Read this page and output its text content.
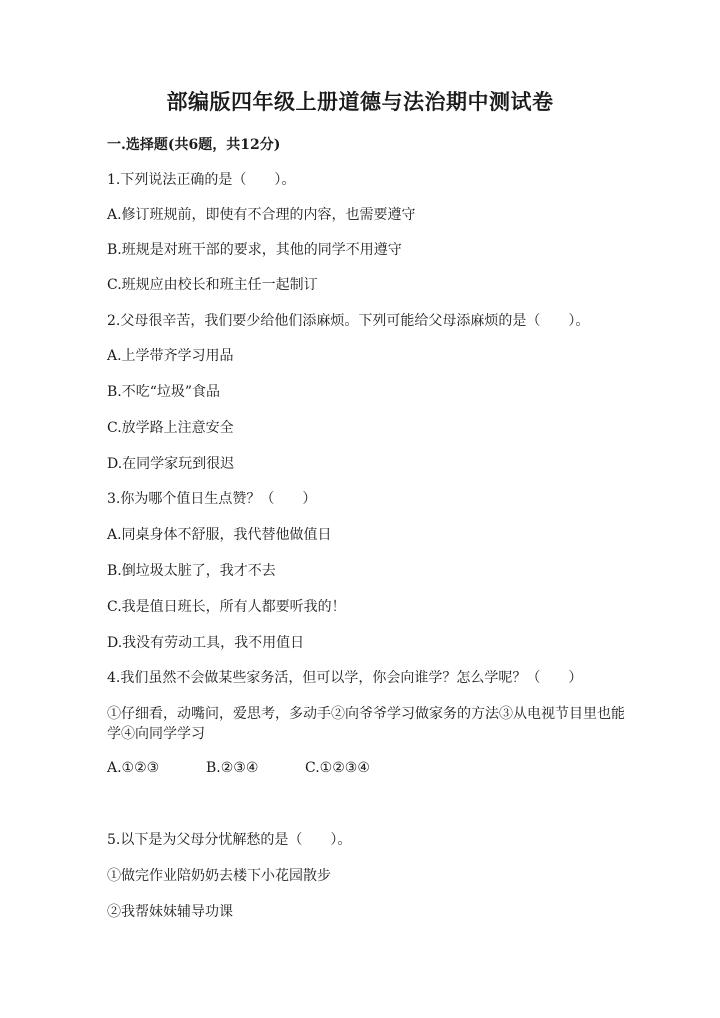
部编版四年级上册道德与法治期中测试卷
一.选择题(共6题，共12分)
1.下列说法正确的是（　　）。
A.修订班规前，即使有不合理的内容，也需要遵守
B.班规是对班干部的要求，其他的同学不用遵守
C.班规应由校长和班主任一起制订
2.父母很辛苦，我们要少给他们添麻烦。下列可能给父母添麻烦的是（　　）。
A.上学带齐学习用品
B.不吃“垃圾”食品
C.放学路上注意安全
D.在同学家玩到很迟
3.你为哪个值日生点赞？（　　）
A.同桌身体不舒服，我代替他做值日
B.倒垃圾太脏了，我才不去
C.我是值日班长，所有人都要听我的！
D.我没有劳动工具，我不用值日
4.我们虽然不会做某些家务活，但可以学，你会向谁学？怎么学呢？（　　）
①仔细看，动嘴问，爱思考，多动手②向爷爷学习做家务的方法③从电视节目里也能学④向同学学习
A.①②③	B.②③④	C.①②③④
5.以下是为父母分忧解愁的是（　　）。
①做完作业陪奶奶去楼下小花园散步
②我帮妹妹辅导功课
